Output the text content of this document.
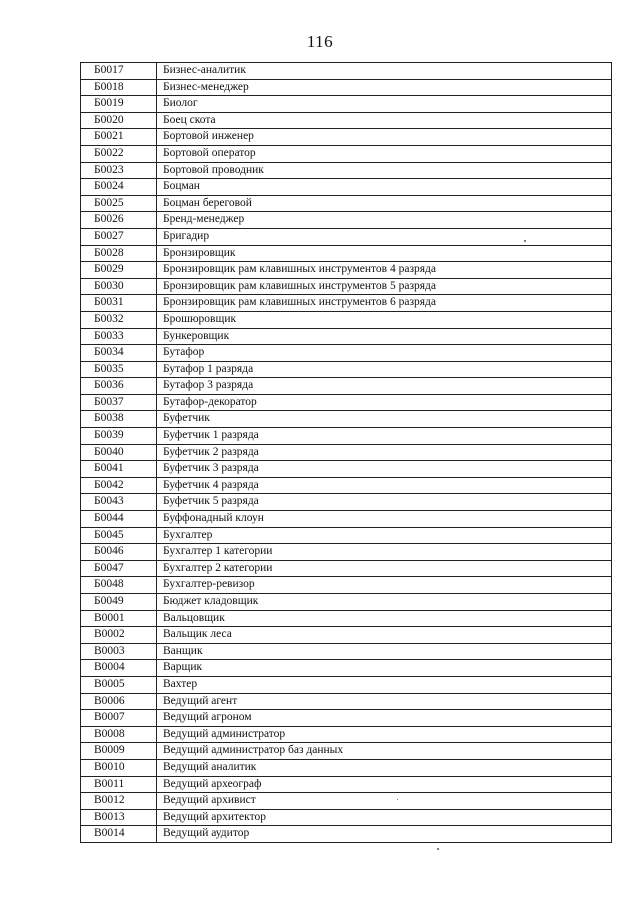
116
Б0017	Бизнес-аналитик
Б0018	Бизнес-менеджер
Б0019	Биолог
Б0020	Боец скота
Б0021	Бортовой инженер
Б0022	Бортовой оператор
Б0023	Бортовой проводник
Б0024	Боцман
Б0025	Боцман береговой
Б0026	Бренд-менеджер
Б0027	Бригадир
Б0028	Бронзировщик
Б0029	Бронзировщик рам клавишных инструментов 4 разряда
Б0030	Бронзировщик рам клавишных инструментов 5 разряда
Б0031	Бронзировщик рам клавишных инструментов 6 разряда
Б0032	Брошюровщик
Б0033	Бункеровщик
Б0034	Бутафор
Б0035	Бутафор 1 разряда
Б0036	Бутафор 3 разряда
Б0037	Бутафор-декоратор
Б0038	Буфетчик
Б0039	Буфетчик 1 разряда
Б0040	Буфетчик 2 разряда
Б0041	Буфетчик 3 разряда
Б0042	Буфетчик 4 разряда
Б0043	Буфетчик 5 разряда
Б0044	Буффонадный клоун
Б0045	Бухгалтер
Б0046	Бухгалтер 1 категории
Б0047	Бухгалтер 2 категории
Б0048	Бухгалтер-ревизор
Б0049	Бюджет кладовщик
В0001	Вальцовщик
В0002	Вальщик леса
В0003	Ванщик
В0004	Варщик
В0005	Вахтер
В0006	Ведущий агент
В0007	Ведущий агроном
В0008	Ведущий администратор
В0009	Ведущий администратор баз данных
В0010	Ведущий аналитик
В0011	Ведущий археограф
В0012	Ведущий архивист
В0013	Ведущий архитектор
В0014	Ведущий аудитор
